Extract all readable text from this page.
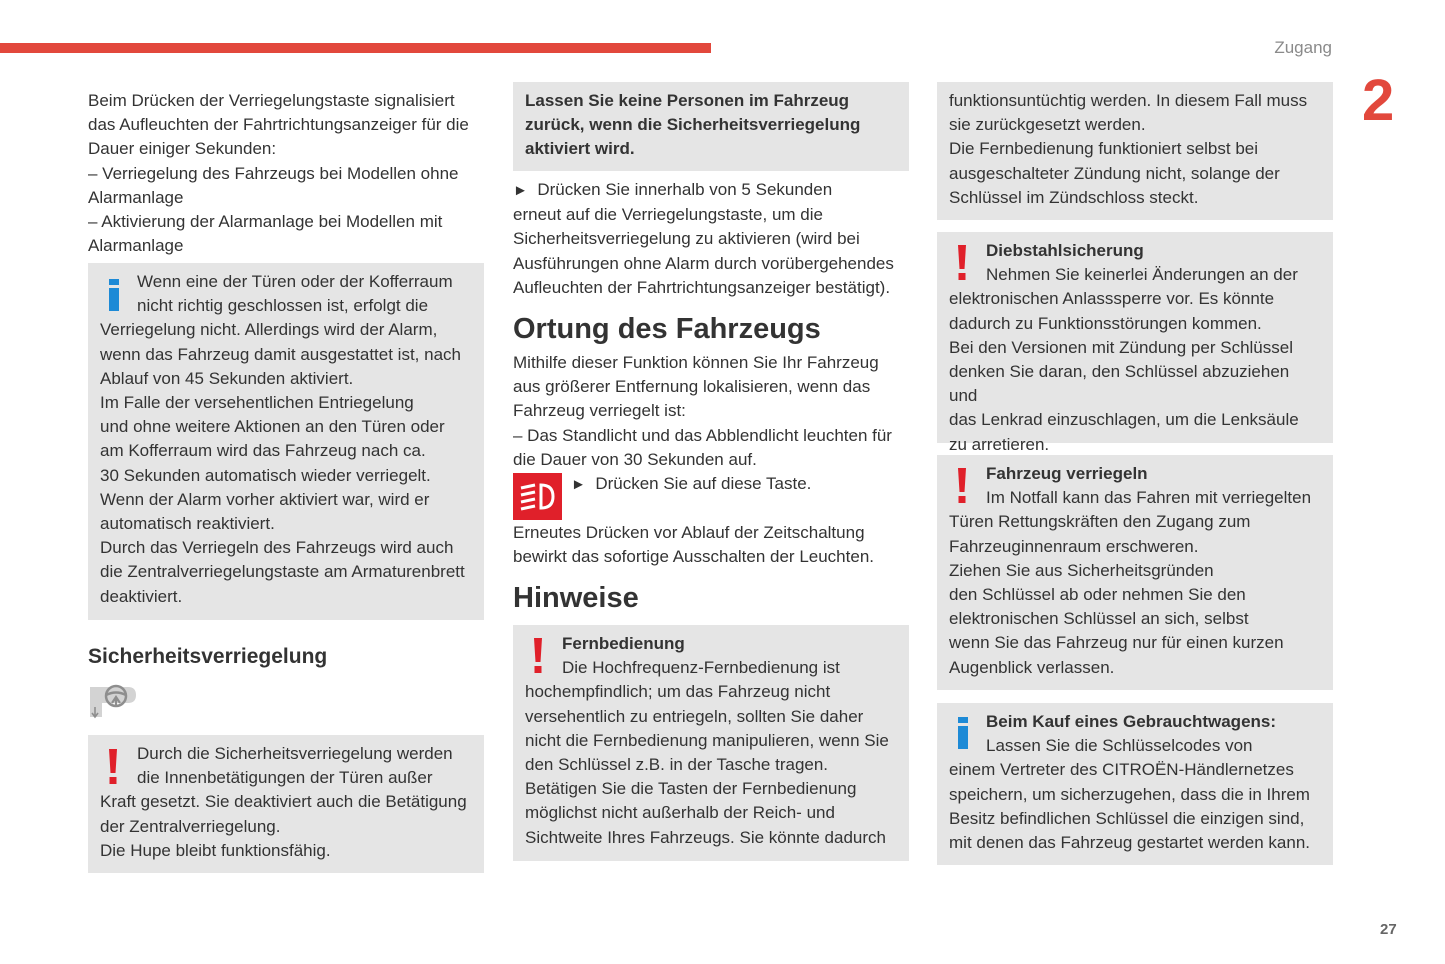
Zugang
2
27

Beim Drücken der Verriegelungstaste signalisiert

das Aufleuchten der Fahrtrichtungsanzeiger für die

Dauer einiger Sekunden:

– Verriegelung des Fahrzeugs bei Modellen ohne

Alarmanlage

– Aktivierung der Alarmanlage bei Modellen mit

Alarmanlage

Wenn eine der Türen oder der Kofferraum

nicht richtig geschlossen ist, erfolgt die

Verriegelung nicht. Allerdings wird der Alarm,

wenn das Fahrzeug damit ausgestattet ist, nach

Ablauf von 45 Sekunden aktiviert.

Im Falle der versehentlichen Entriegelung

und ohne weitere Aktionen an den Türen oder

am Kofferraum wird das Fahrzeug nach ca.

30 Sekunden automatisch wieder verriegelt.

Wenn der Alarm vorher aktiviert war, wird er

automatisch reaktiviert.

Durch das Verriegeln des Fahrzeugs wird auch

die Zentralverriegelungstaste am Armaturenbrett

deaktiviert.

Sicherheitsverriegelung

Durch die Sicherheitsverriegelung werden

die Innenbetätigungen der Türen außer

Kraft gesetzt. Sie deaktiviert auch die Betätigung

der Zentralverriegelung.

Die Hupe bleibt funktionsfähig.

Lassen Sie keine Personen im Fahrzeug

zurück, wenn die Sicherheitsverriegelung

aktiviert wird.

► Drücken Sie innerhalb von 5 Sekunden

erneut auf die Verriegelungstaste, um die

Sicherheitsverriegelung zu aktivieren (wird bei

Ausführungen ohne Alarm durch vorübergehendes

Aufleuchten der Fahrtrichtungsanzeiger bestätigt).

Ortung des Fahrzeugs

Mithilfe dieser Funktion können Sie Ihr Fahrzeug

aus größerer Entfernung lokalisieren, wenn das

Fahrzeug verriegelt ist:

– Das Standlicht und das Abblendlicht leuchten für

die Dauer von 30 Sekunden auf.

► Drücken Sie auf diese Taste.

Erneutes Drücken vor Ablauf der Zeitschaltung

bewirkt das sofortige Ausschalten der Leuchten.

Hinweise

Fernbedienung

Die Hochfrequenz-Fernbedienung ist

hochempfindlich; um das Fahrzeug nicht

versehentlich zu entriegeln, sollten Sie daher

nicht die Fernbedienung manipulieren, wenn Sie

den Schlüssel z.B. in der Tasche tragen.

Betätigen Sie die Tasten der Fernbedienung

möglichst nicht außerhalb der Reich- und

Sichtweite Ihres Fahrzeugs. Sie könnte dadurch

funktionsuntüchtig werden. In diesem Fall muss

sie zurückgesetzt werden.

Die Fernbedienung funktioniert selbst bei

ausgeschalteter Zündung nicht, solange der

Schlüssel im Zündschloss steckt.

Diebstahlsicherung

Nehmen Sie keinerlei Änderungen an der

elektronischen Anlasssperre vor. Es könnte

dadurch zu Funktionsstörungen kommen.

Bei den Versionen mit Zündung per Schlüssel

denken Sie daran, den Schlüssel abzuziehen und

das Lenkrad einzuschlagen, um die Lenksäule

zu arretieren.

Fahrzeug verriegeln

Im Notfall kann das Fahren mit verriegelten

Türen Rettungskräften den Zugang zum

Fahrzeuginnenraum erschweren.

Ziehen Sie aus Sicherheitsgründen

den Schlüssel ab oder nehmen Sie den

elektronischen Schlüssel an sich, selbst

wenn Sie das Fahrzeug nur für einen kurzen

Augenblick verlassen.

Beim Kauf eines Gebrauchtwagens:

Lassen Sie die Schlüsselcodes von

einem Vertreter des CITROËN-Händlernetzes

speichern, um sicherzugehen, dass die in Ihrem

Besitz befindlichen Schlüssel die einzigen sind,

mit denen das Fahrzeug gestartet werden kann.
